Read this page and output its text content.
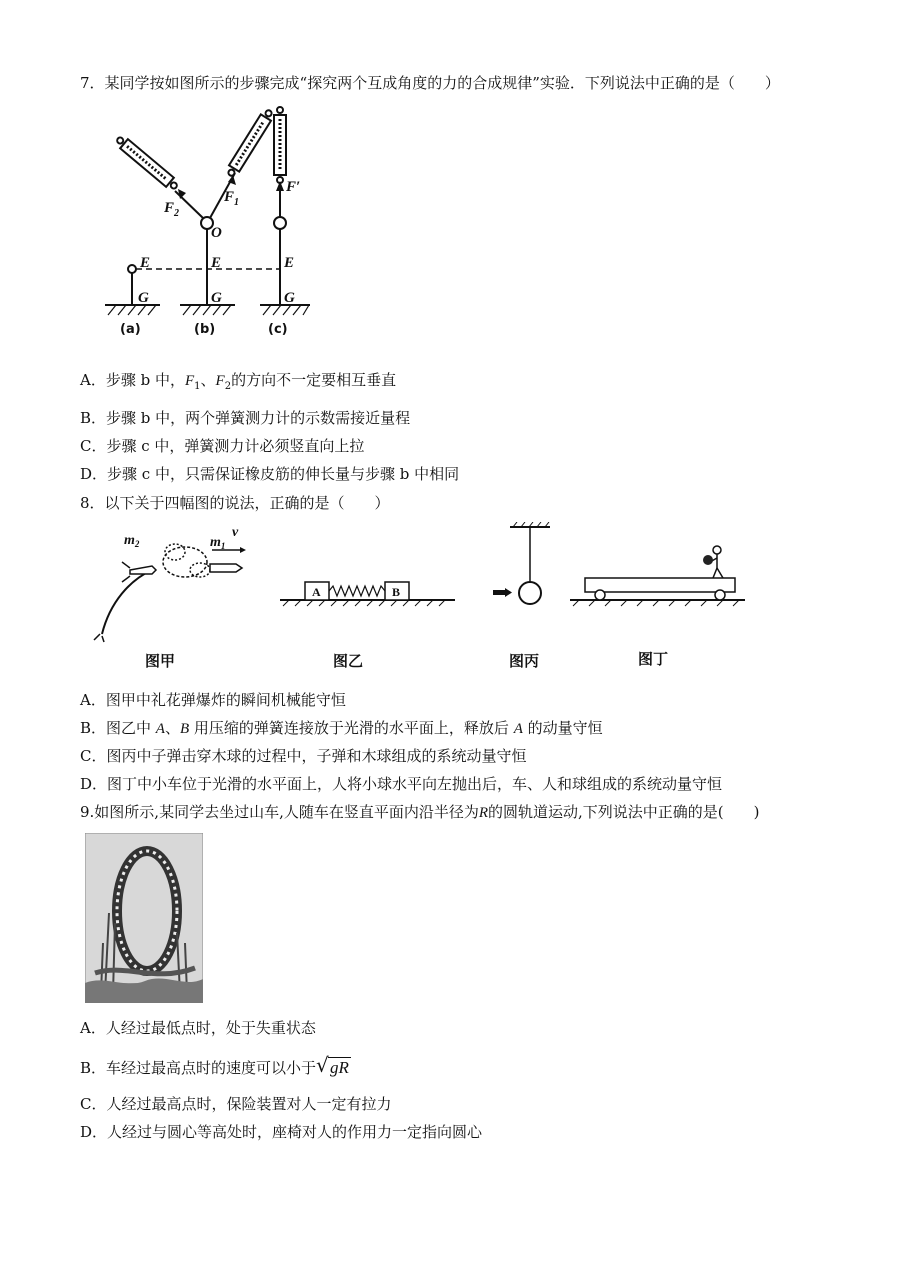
7．某同学按如图所示的步骤完成“探究两个互成角度的力的合成规律”实验．下列说法中正确的是（　　）
$F_2$
$F_1$
F′
O
E	E	E
G	G	G
(a)	(b)	(c)
A．步骤 b 中，$F_1$、$F_2$的方向不一定要相互垂直
B．步骤 b 中，两个弹簧测力计的示数需接近量程
C．步骤 c 中，弹簧测力计必须竖直向上拉
D．步骤 c 中，只需保证橡皮筋的伸长量与步骤 b 中相同
8．以下关于四幅图的说法，正确的是（　　）
$m_2$	$m_1$
v
图甲
A	B
图乙	图丙	图丁
A．图甲中礼花弹爆炸的瞬间机械能守恒
B．图乙中 A、B 用压缩的弹簧连接放于光滑的水平面上，释放后 A 的动量守恒
C．图丙中子弹击穿木球的过程中，子弹和木球组成的系统动量守恒
D．图丁中小车位于光滑的水平面上，人将小球水平向左抛出后，车、人和球组成的系统动量守恒
9.如图所示,某同学去坐过山车,人随车在竖直平面内沿半径为R的圆轨道运动,下列说法中正确的是(　　)
A．人经过最低点时，处于失重状态
B．车经过最高点时的速度可以小于 √ gR
C．人经过最高点时，保险装置对人一定有拉力
D．人经过与圆心等高处时，座椅对人的作用力一定指向圆心
